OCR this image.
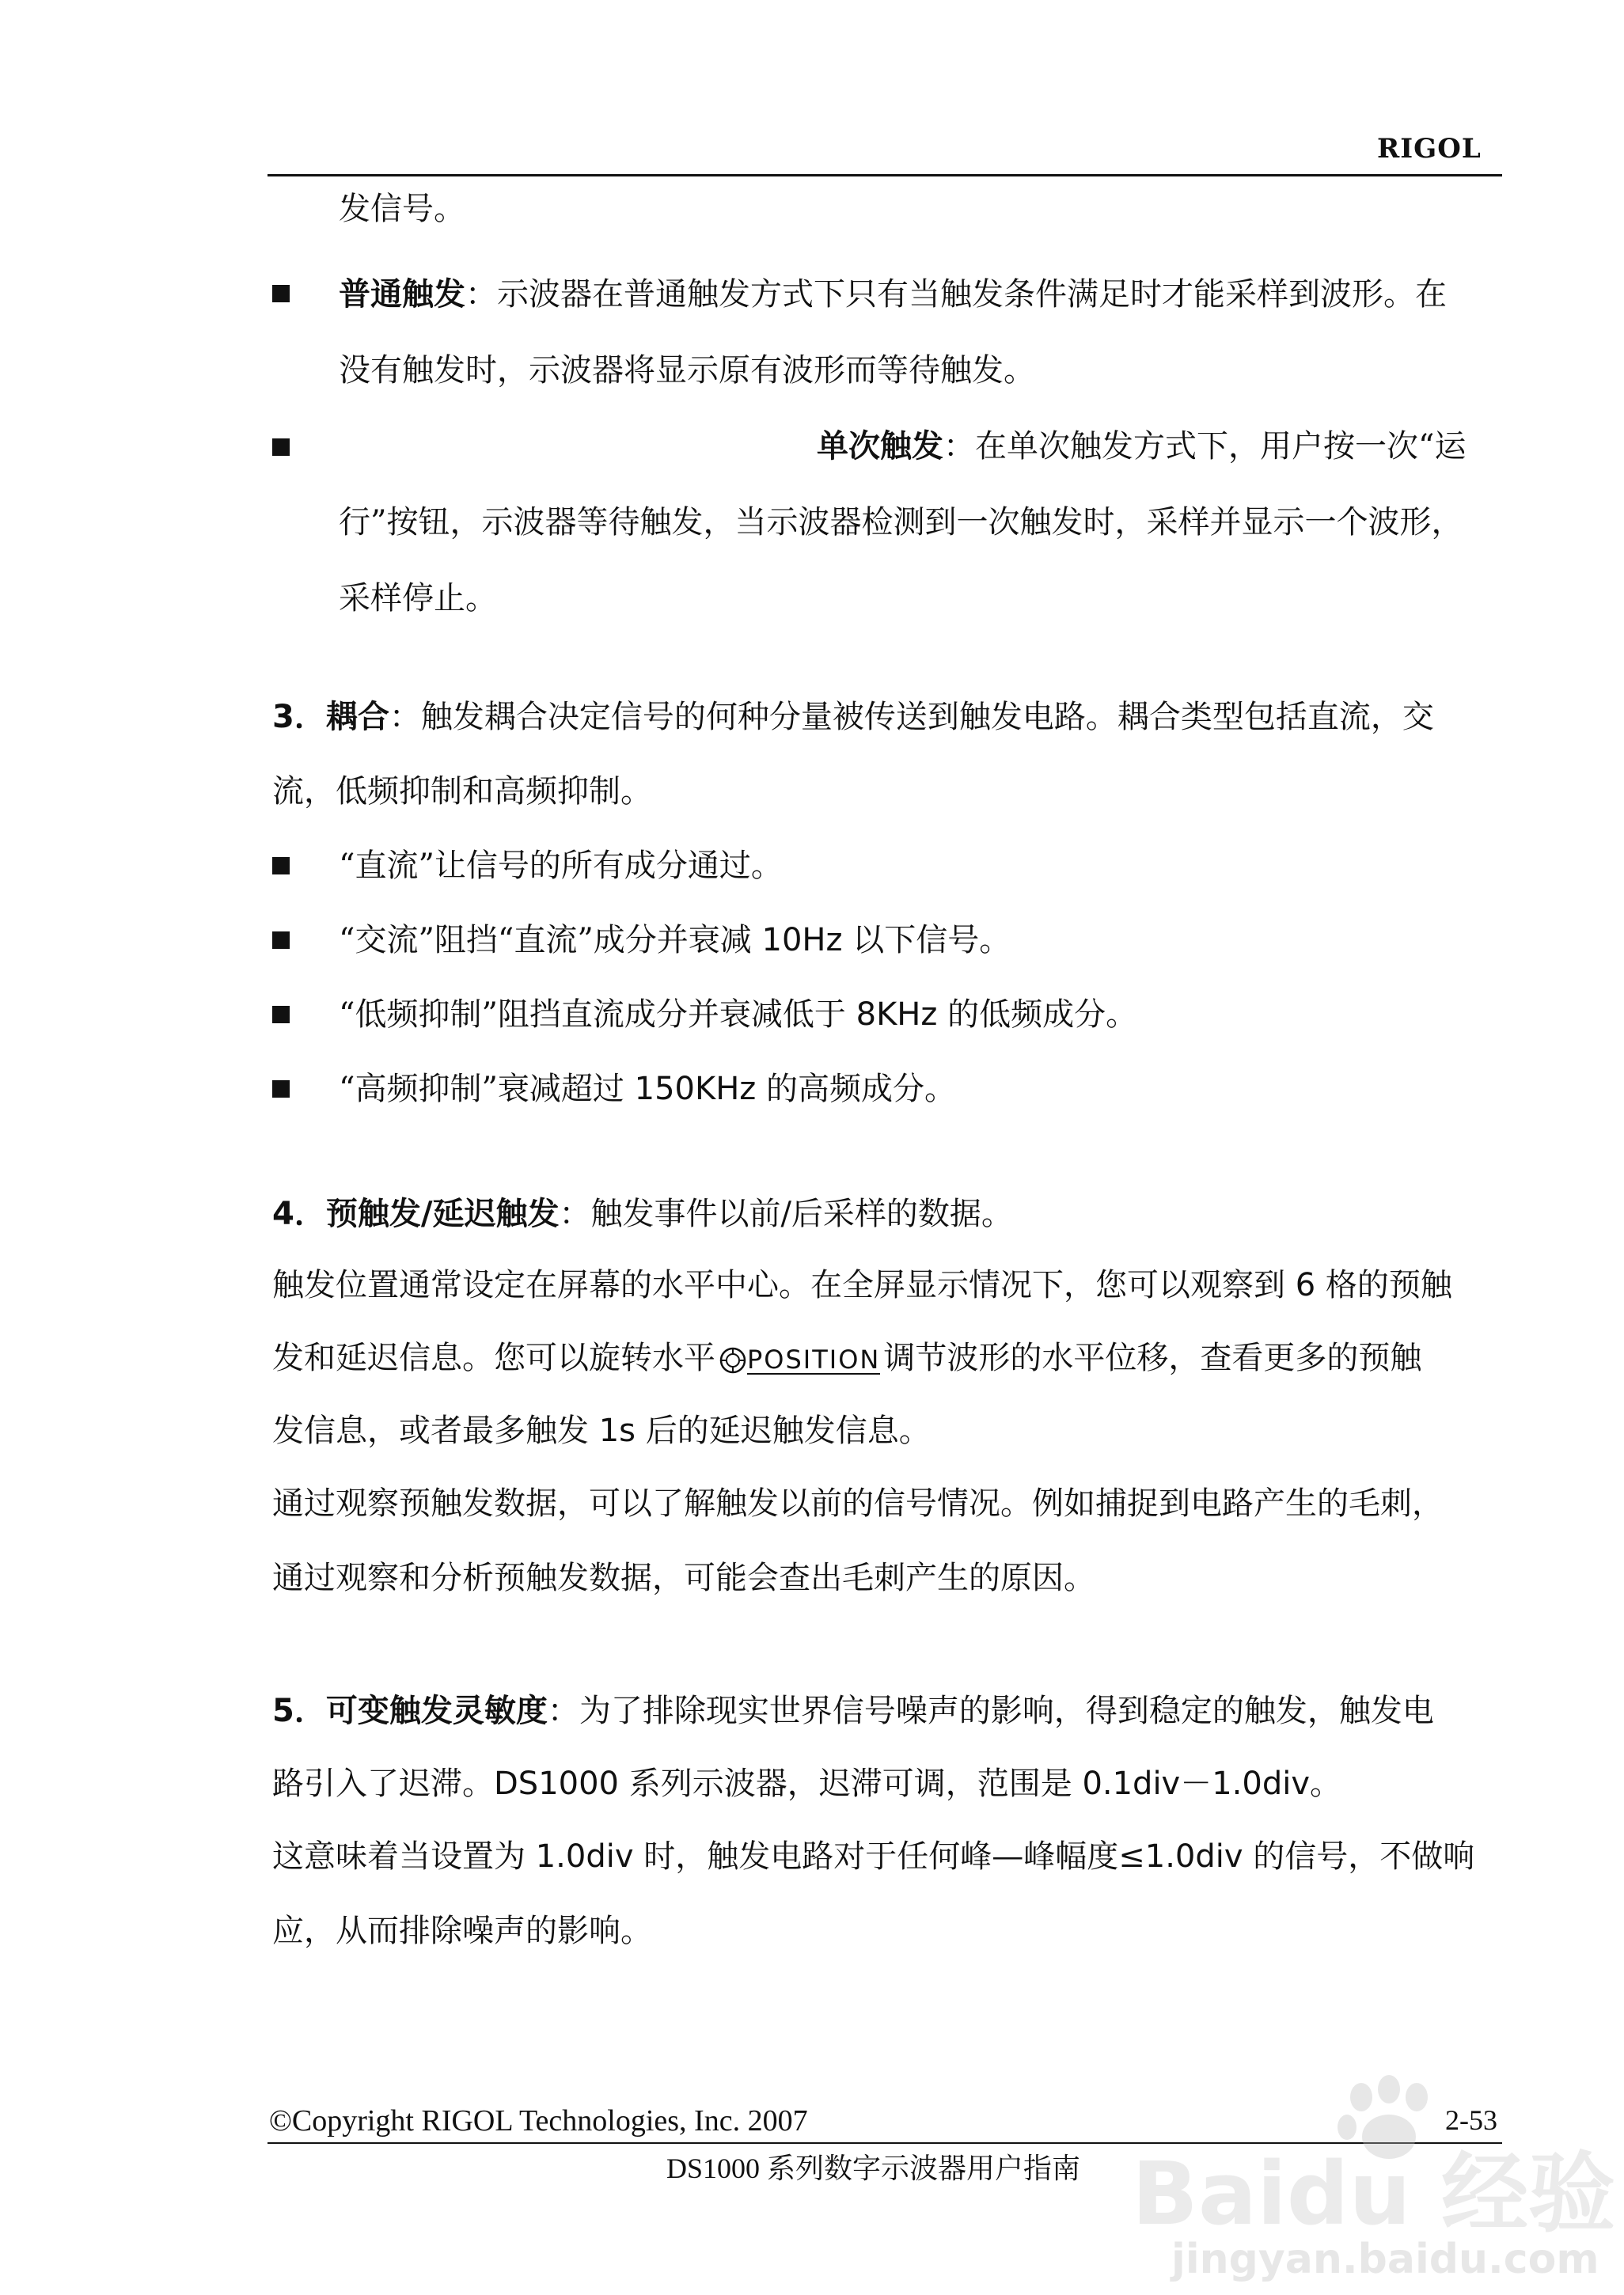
RIGOL
发信号。
普通触发：示波器在普通触发方式下只有当触发条件满足时才能采样到波形。在
没有触发时，示波器将显示原有波形而等待触发。
单次触发：在单次触发方式下，用户按一次“运
行”按钮，示波器等待触发，当示波器检测到一次触发时，采样并显示一个波形，
采样停止。
3．耦合：触发耦合决定信号的何种分量被传送到触发电路。耦合类型包括直流，交
流，低频抑制和高频抑制。
“直流”让信号的所有成分通过。
“交流”阻挡“直流”成分并衰减 10Hz 以下信号。
“低频抑制”阻挡直流成分并衰减低于 8KHz 的低频成分。
“高频抑制”衰减超过 150KHz 的高频成分。
4．预触发/延迟触发：触发事件以前/后采样的数据。
触发位置通常设定在屏幕的水平中心。在全屏显示情况下，您可以观察到 6 格的预触
发和延迟信息。您可以旋转水平 POSITION 调节波形的水平位移，查看更多的预触
发信息，或者最多触发 1s 后的延迟触发信息。
通过观察预触发数据，可以了解触发以前的信号情况。例如捕捉到电路产生的毛刺，
通过观察和分析预触发数据，可能会查出毛刺产生的原因。
5．可变触发灵敏度：为了排除现实世界信号噪声的影响，得到稳定的触发，触发电
路引入了迟滞。DS1000 系列示波器，迟滞可调，范围是 0.1div－1.0div。
这意味着当设置为 1.0div 时，触发电路对于任何峰—峰幅度≤1.0div 的信号，不做响
应，从而排除噪声的影响。
©Copyright RIGOL Technologies, Inc. 2007	2-53
DS1000 系列数字示波器用户指南 Baidu 经验
jingyan.baidu.com
